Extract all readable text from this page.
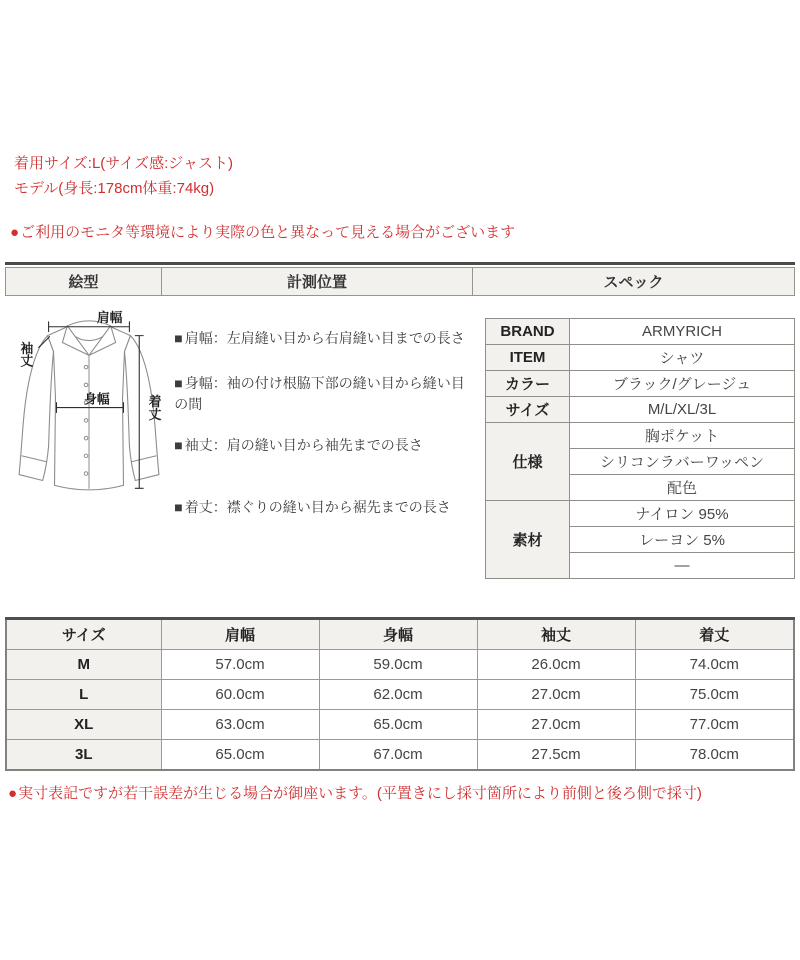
着用サイズ:L(サイズ感:ジャスト)
モデル(身長:178cm体重:74kg)
●ご利用のモニタ等環境により実際の色と異なって見える場合がございます
絵型	計測位置	スペック
肩幅
袖丈
身幅	着丈
■ 肩幅：左肩縫い目から右肩縫い目までの長さ
■ 身幅：袖の付け根脇下部の縫い目から縫い目
の間
■ 袖丈：肩の縫い目から袖先までの長さ
■ 着丈：襟ぐりの縫い目から裾先までの長さ
BRAND	ARMYRICH
ITEM	シャツ
カラー	ブラック/グレージュ
サイズ	M/L/XL/3L
仕様	胸ポケット
	シリコンラバーワッペン
	配色
素材	ナイロン 95%
	レーヨン 5%
	—
サイズ	肩幅	身幅	袖丈	着丈
M	57.0cm	59.0cm	26.0cm	74.0cm
L	60.0cm	62.0cm	27.0cm	75.0cm
XL	63.0cm	65.0cm	27.0cm	77.0cm
3L	65.0cm	67.0cm	27.5cm	78.0cm
●実寸表記ですが若干誤差が生じる場合が御座います。(平置きにし採寸箇所により前側と後ろ側で採寸)
